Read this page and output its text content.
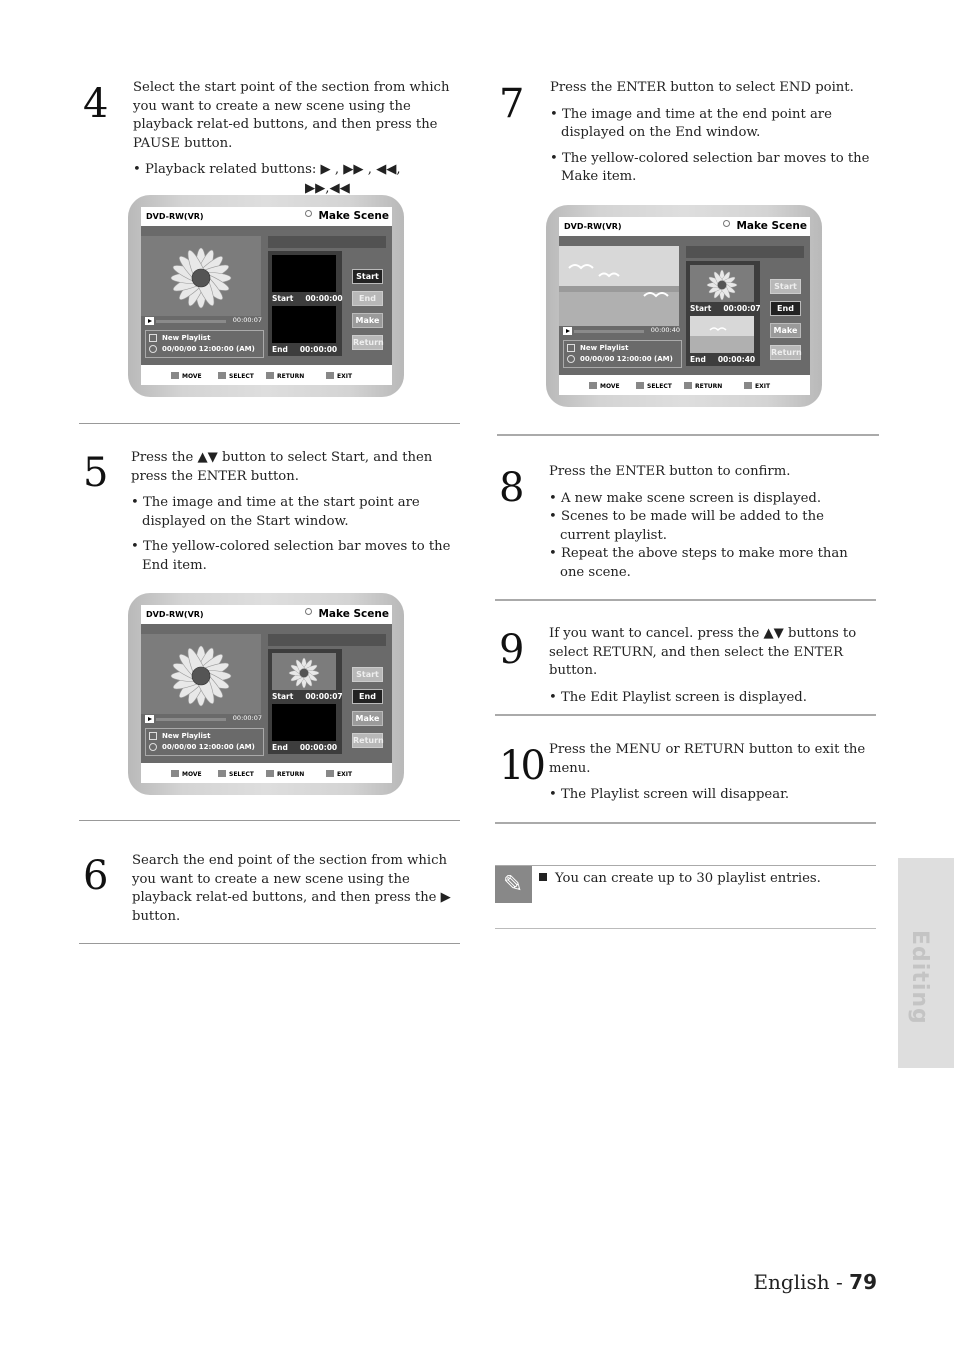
4 Select the start point of the section from which you want to create a new scene using the playback relat-ed buttons, and then press the PAUSE button.

• Playback related buttons: ▶ , ▶▶ , ◀◀,
▶▶,◀◀
DVD-RW(VR)	Make Scene
00:00:07
New Playlist
00/00/00 12:00:00 (AM)
Start 00:00:00
End 00:00:00
Start
End
Make
Return
MOVE	SELECT	RETURN	EXIT
5 Press the ▲▼ button to select Start, and then press the ENTER button.

• The image and time at the start point are displayed on the Start window.
• The yellow-colored selection bar moves to the End item.
DVD-RW(VR)	Make Scene
00:00:07
New Playlist
00/00/00 12:00:00 (AM)
Start 00:00:07
End 00:00:00
Start
End
Make
Return
MOVE	SELECT	RETURN	EXIT
6 Search the end point of the section from which you want to create a new scene using the playback relat-ed buttons, and then press the ▶ button.

7 Press the ENTER button to select END point.

• The image and time at the end point are displayed on the End window.
• The yellow-colored selection bar moves to the Make item.
DVD-RW(VR)	Make Scene
00:00:40
New Playlist
00/00/00 12:00:00 (AM)
Start 00:00:07
End 00:00:40
Start
End
Make
Return
MOVE	SELECT	RETURN	EXIT
8 Press the ENTER button to confirm.

• A new make scene screen is displayed.
• Scenes to be made will be added to the current playlist.
• Repeat the above steps to make more than one scene.
9 If you want to cancel. press the ▲▼ buttons to select RETURN, and then select the ENTER button.

• The Edit Playlist screen is displayed.
10 Press the MENU or RETURN button to exit the menu.

• The Playlist screen will disappear.
✎	You can create up to 30 playlist entries.
Editing
English - 79
